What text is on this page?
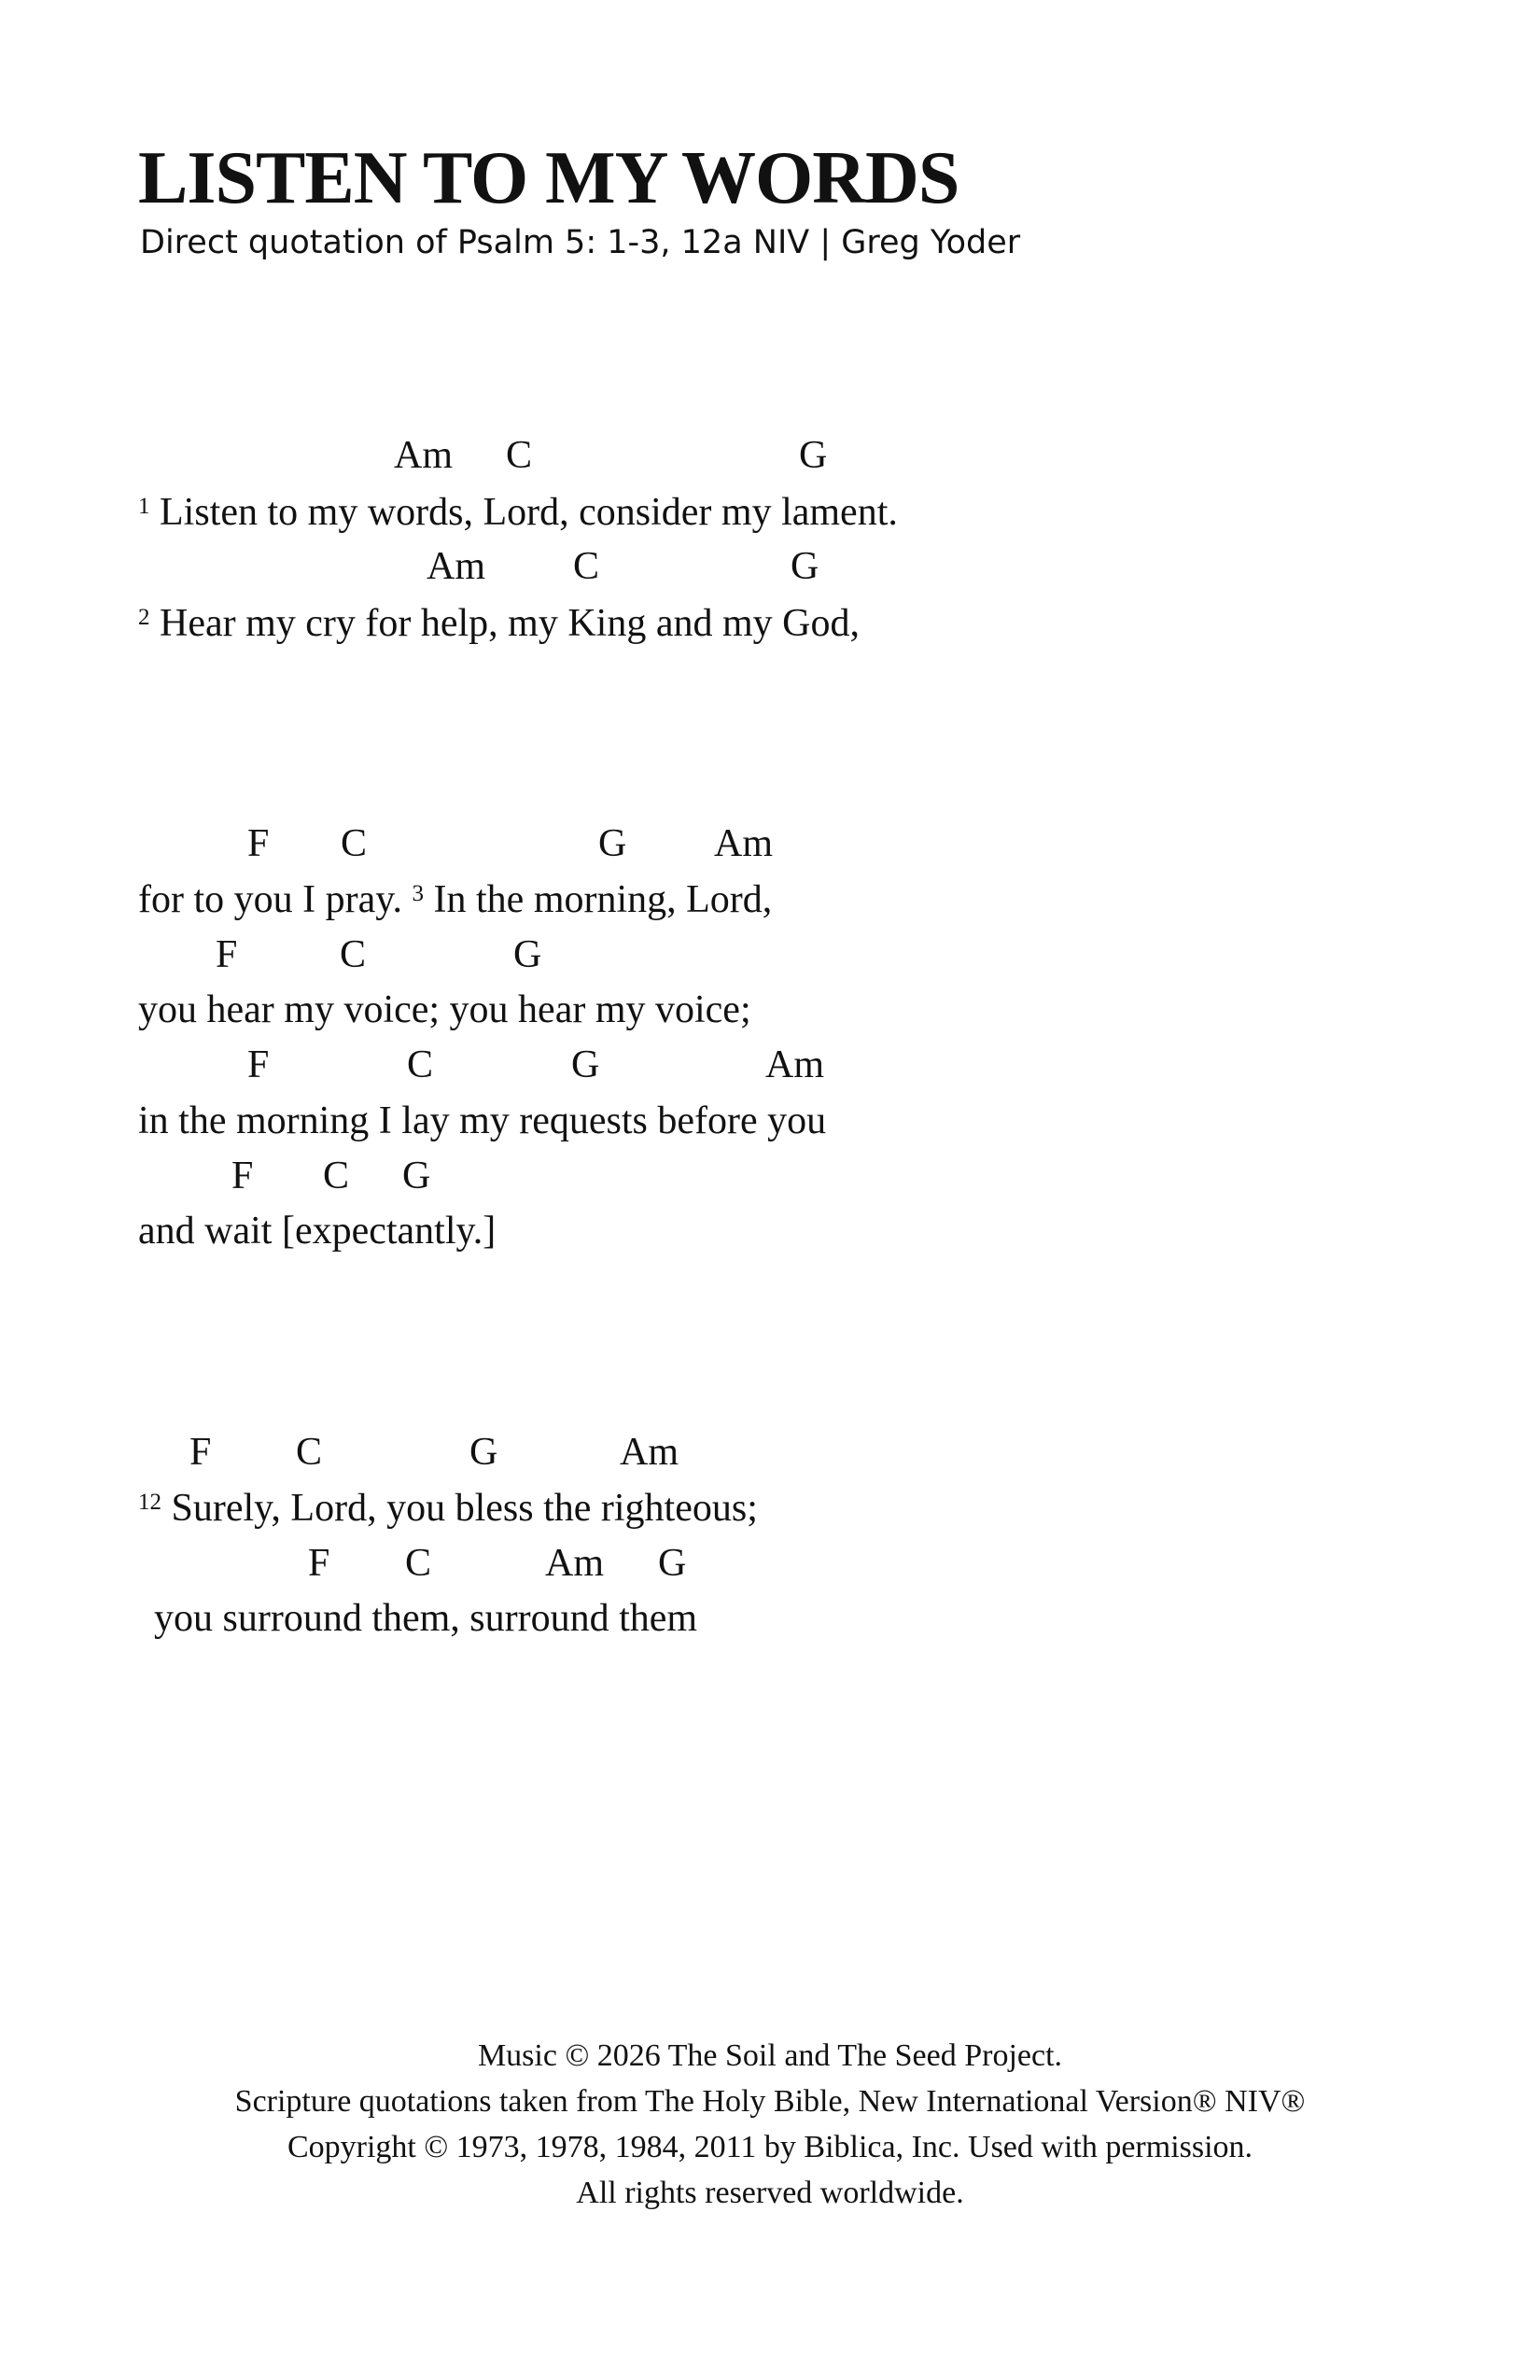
LISTEN TO MY WORDS
Direct quotation of Psalm 5: 1-3, 12a NIV | Greg Yoder
Am C	G
$^1$ Listen to my words, Lord, consider my lament.
Am C	G
$^2$ Hear my cry for help, my King and my God,
F C	G Am
for to you I pray. $^3$ In the morning, Lord,
F	C	G
you hear my voice; you hear my voice;
F	C	G	Am
in the morning I lay my requests before you
F C G
and wait [expectantly.]
F C	G	Am
$^{12}$ Surely, Lord, you bless the righteous;
F C	Am G
you surround them, surround them
Music © 2026 The Soil and The Seed Project.
Scripture quotations taken from The Holy Bible, New International Version® NIV®
Copyright © 1973, 1978, 1984, 2011 by Biblica, Inc. Used with permission.
All rights reserved worldwide.
